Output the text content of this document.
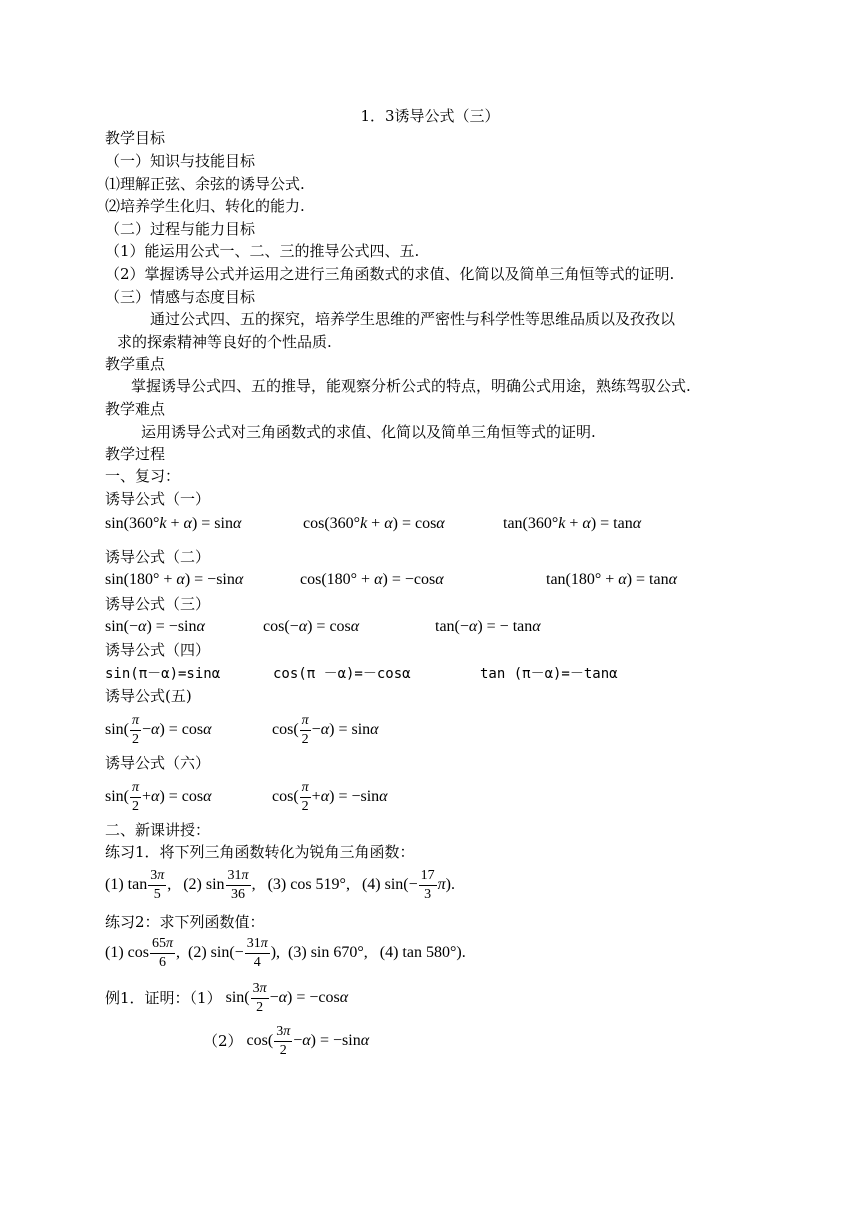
1．3诱导公式（三）
教学目标
（一）知识与技能目标
⑴理解正弦、余弦的诱导公式.
⑵培养学生化归、转化的能力.
（二）过程与能力目标
（1）能运用公式一、二、三的推导公式四、五.
（2）掌握诱导公式并运用之进行三角函数式的求值、化简以及简单三角恒等式的证明.
（三）情感与态度目标
通过公式四、五的探究，培养学生思维的严密性与科学性等思维品质以及孜孜以
求的探索精神等良好的个性品质.
教学重点
掌握诱导公式四、五的推导，能观察分析公式的特点，明确公式用途，熟练驾驭公式.
教学难点
运用诱导公式对三角函数式的求值、化简以及简单三角恒等式的证明.
教学过程
一、复习：
诱导公式（一）
sin(360°k + α) = sinα	cos(360°k + α) = cosα	tan(360°k + α) = tanα
诱导公式（二）
sin(180° + α) = −sinα	cos(180° + α) = −cosα	tan(180° + α) = tanα
诱导公式（三）
sin(−α) = −sinα	cos(−α) = cosα	tan(−α) = − tanα
诱导公式（四）
sin(π－α)=sinα	cos(π －α)=－cosα	tan (π－α)=－tanα
诱导公式(五)
$\sin( \frac{\pi}{2} - \alpha$ ) = cos α	$\cos( \frac{\pi}{2} - \alpha$ ) = sin α
诱导公式（六）
$\sin( \frac{\pi}{2} + \alpha$ ) = cos α	$\cos( \frac{\pi}{2} + \alpha$ ) = −sin α
二、新课讲授：
练习1．将下列三角函数转化为锐角三角函数：
(1) $\tan \frac{3\pi}{5}$ ,   (2) $\sin \frac{31\pi}{36}$ ,   (3) cos 519°,   (4) $\sin(- \frac{17}{3}$ π ).
练习2：求下列函数值：
(1) $\cos \frac{65\pi}{6}$ ,  (2) $\sin(- \frac{31\pi}{4}$ ),  (3) sin 670°,   (4) tan 580°).
例1．证明：（1） $\sin( \frac{3\pi}{2} - \alpha$ ) = −cos α
（2） $\cos( \frac{3\pi}{2} - \alpha$ ) = −sin α
